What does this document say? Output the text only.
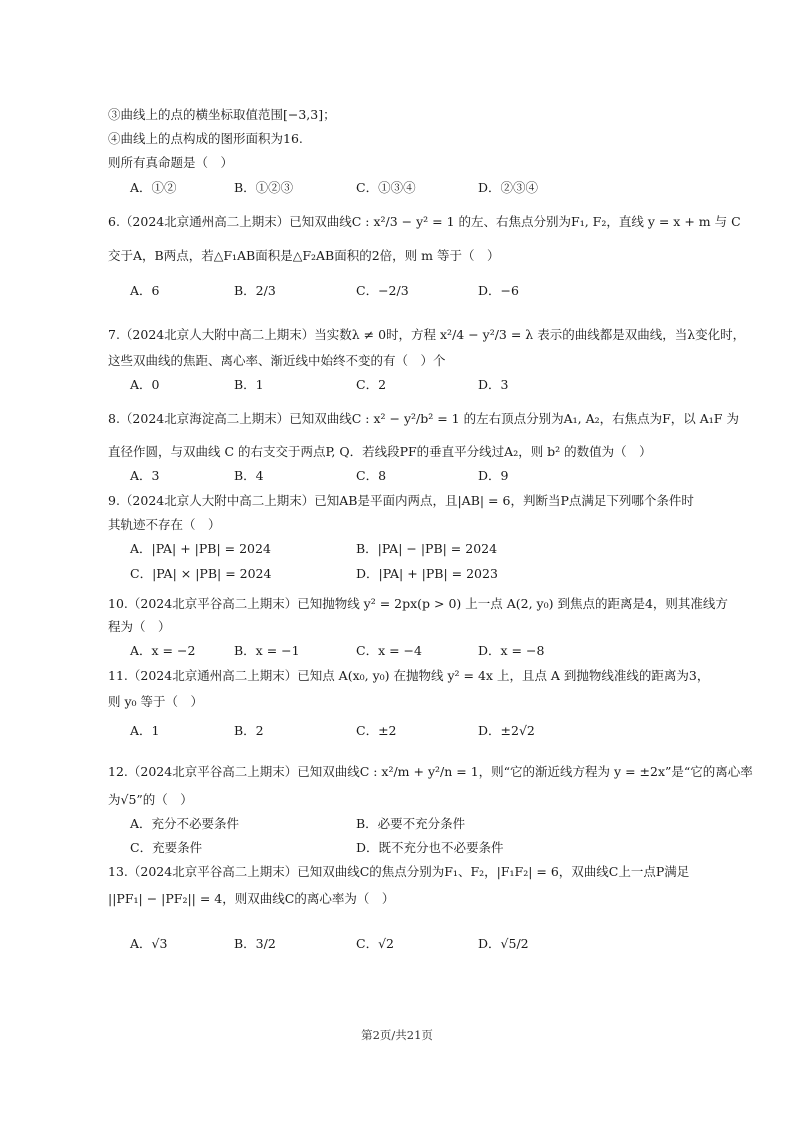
③曲线上的点的横坐标取值范围[−3,3]；
④曲线上的点构成的图形面积为16.
则所有真命题是（　）
6.（2024北京通州高二上期末）已知双曲线C : x²/3 − y² = 1 的左、右焦点分别为F₁, F₂，直线 y = x + m 与 C
交于A，B两点，若△F₁AB面积是△F₂AB面积的2倍，则 m 等于（　）
7.（2024北京人大附中高二上期末）当实数λ ≠ 0时，方程 x²/4 − y²/3 = λ 表示的曲线都是双曲线，当λ变化时，
这些双曲线的焦距、离心率、渐近线中始终不变的有（　）个
8.（2024北京海淀高二上期末）已知双曲线C : x² − y²/b² = 1 的左右顶点分别为A₁, A₂，右焦点为F，以 A₁F 为
直径作圆，与双曲线 C 的右支交于两点P, Q．若线段PF的垂直平分线过A₂，则 b² 的数值为（　）
9.（2024北京人大附中高二上期末）已知AB是平面内两点，且|AB| = 6，判断当P点满足下列哪个条件时
其轨迹不存在（　）
10.（2024北京平谷高二上期末）已知抛物线 y² = 2px(p > 0) 上一点 A(2, y₀) 到焦点的距离是4，则其准线方
程为（　）
11.（2024北京通州高二上期末）已知点 A(x₀, y₀) 在抛物线 y² = 4x 上，且点 A 到抛物线准线的距离为3，
则 y₀ 等于（　）
12.（2024北京平谷高二上期末）已知双曲线C : x²/m + y²/n = 1，则“它的渐近线方程为 y = ±2x”是“它的离心率
为√5”的（　）
13.（2024北京平谷高二上期末）已知双曲线C的焦点分别为F₁、F₂，|F₁F₂| = 6，双曲线C上一点P满足
||PF₁| − |PF₂|| = 4，则双曲线C的离心率为（　）
A．①②	B．①②③	C．①③④	D．②③④
A．6	B．2/3	C．−2/3	D．−6
A．0	B．1	C．2	D．3
A．3	B．4	C．8	D．9
A．|PA| + |PB| = 2024	B．|PA| − |PB| = 2024
C．|PA| × |PB| = 2024	D．|PA| + |PB| = 2023
A．x = −2	B．x = −1	C．x = −4	D．x = −8
A．1	B．2	C．±2	D．±2√2
A．充分不必要条件	B．必要不充分条件
C．充要条件	D．既不充分也不必要条件
A．√3	B．3/2	C．√2	D．√5/2
第2页/共21页
